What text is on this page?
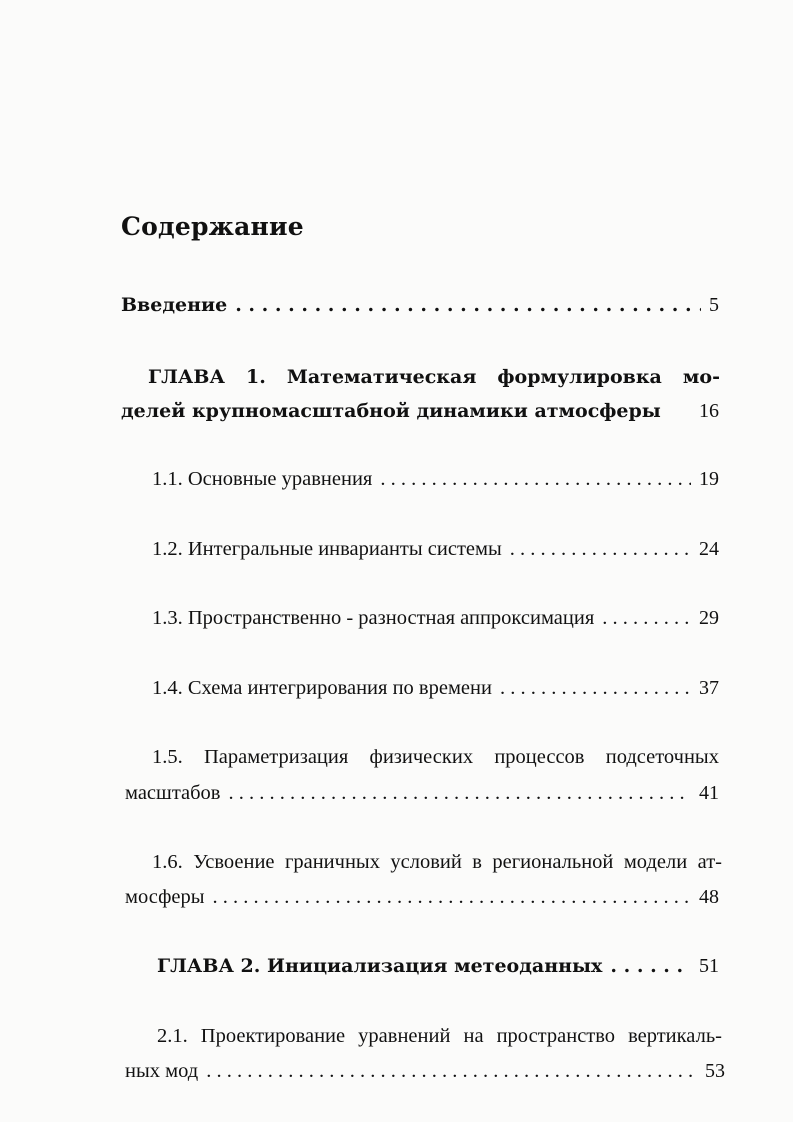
Содержание
Введение . . .	5
ГЛАВА 1. Математическая формулировка мо-
делей крупномасштабной динамики атмосферы 16
1.1. Основные уравнения . . .	19
1.2. Интегральные инварианты системы . . .	24
1.3. Пространственно - разностная аппроксимация . . .	29
1.4. Схема интегрирования по времени . . .	37
1.5. Параметризация физических процессов подсеточных
масштабов . . .	41
1.6. Усвоение граничных условий в региональной модели ат-
мосферы . . .	48
ГЛАВА 2. Инициализация метеоданных . . .	51
2.1. Проектирование уравнений на пространство вертикаль-
ных мод . . .	53
